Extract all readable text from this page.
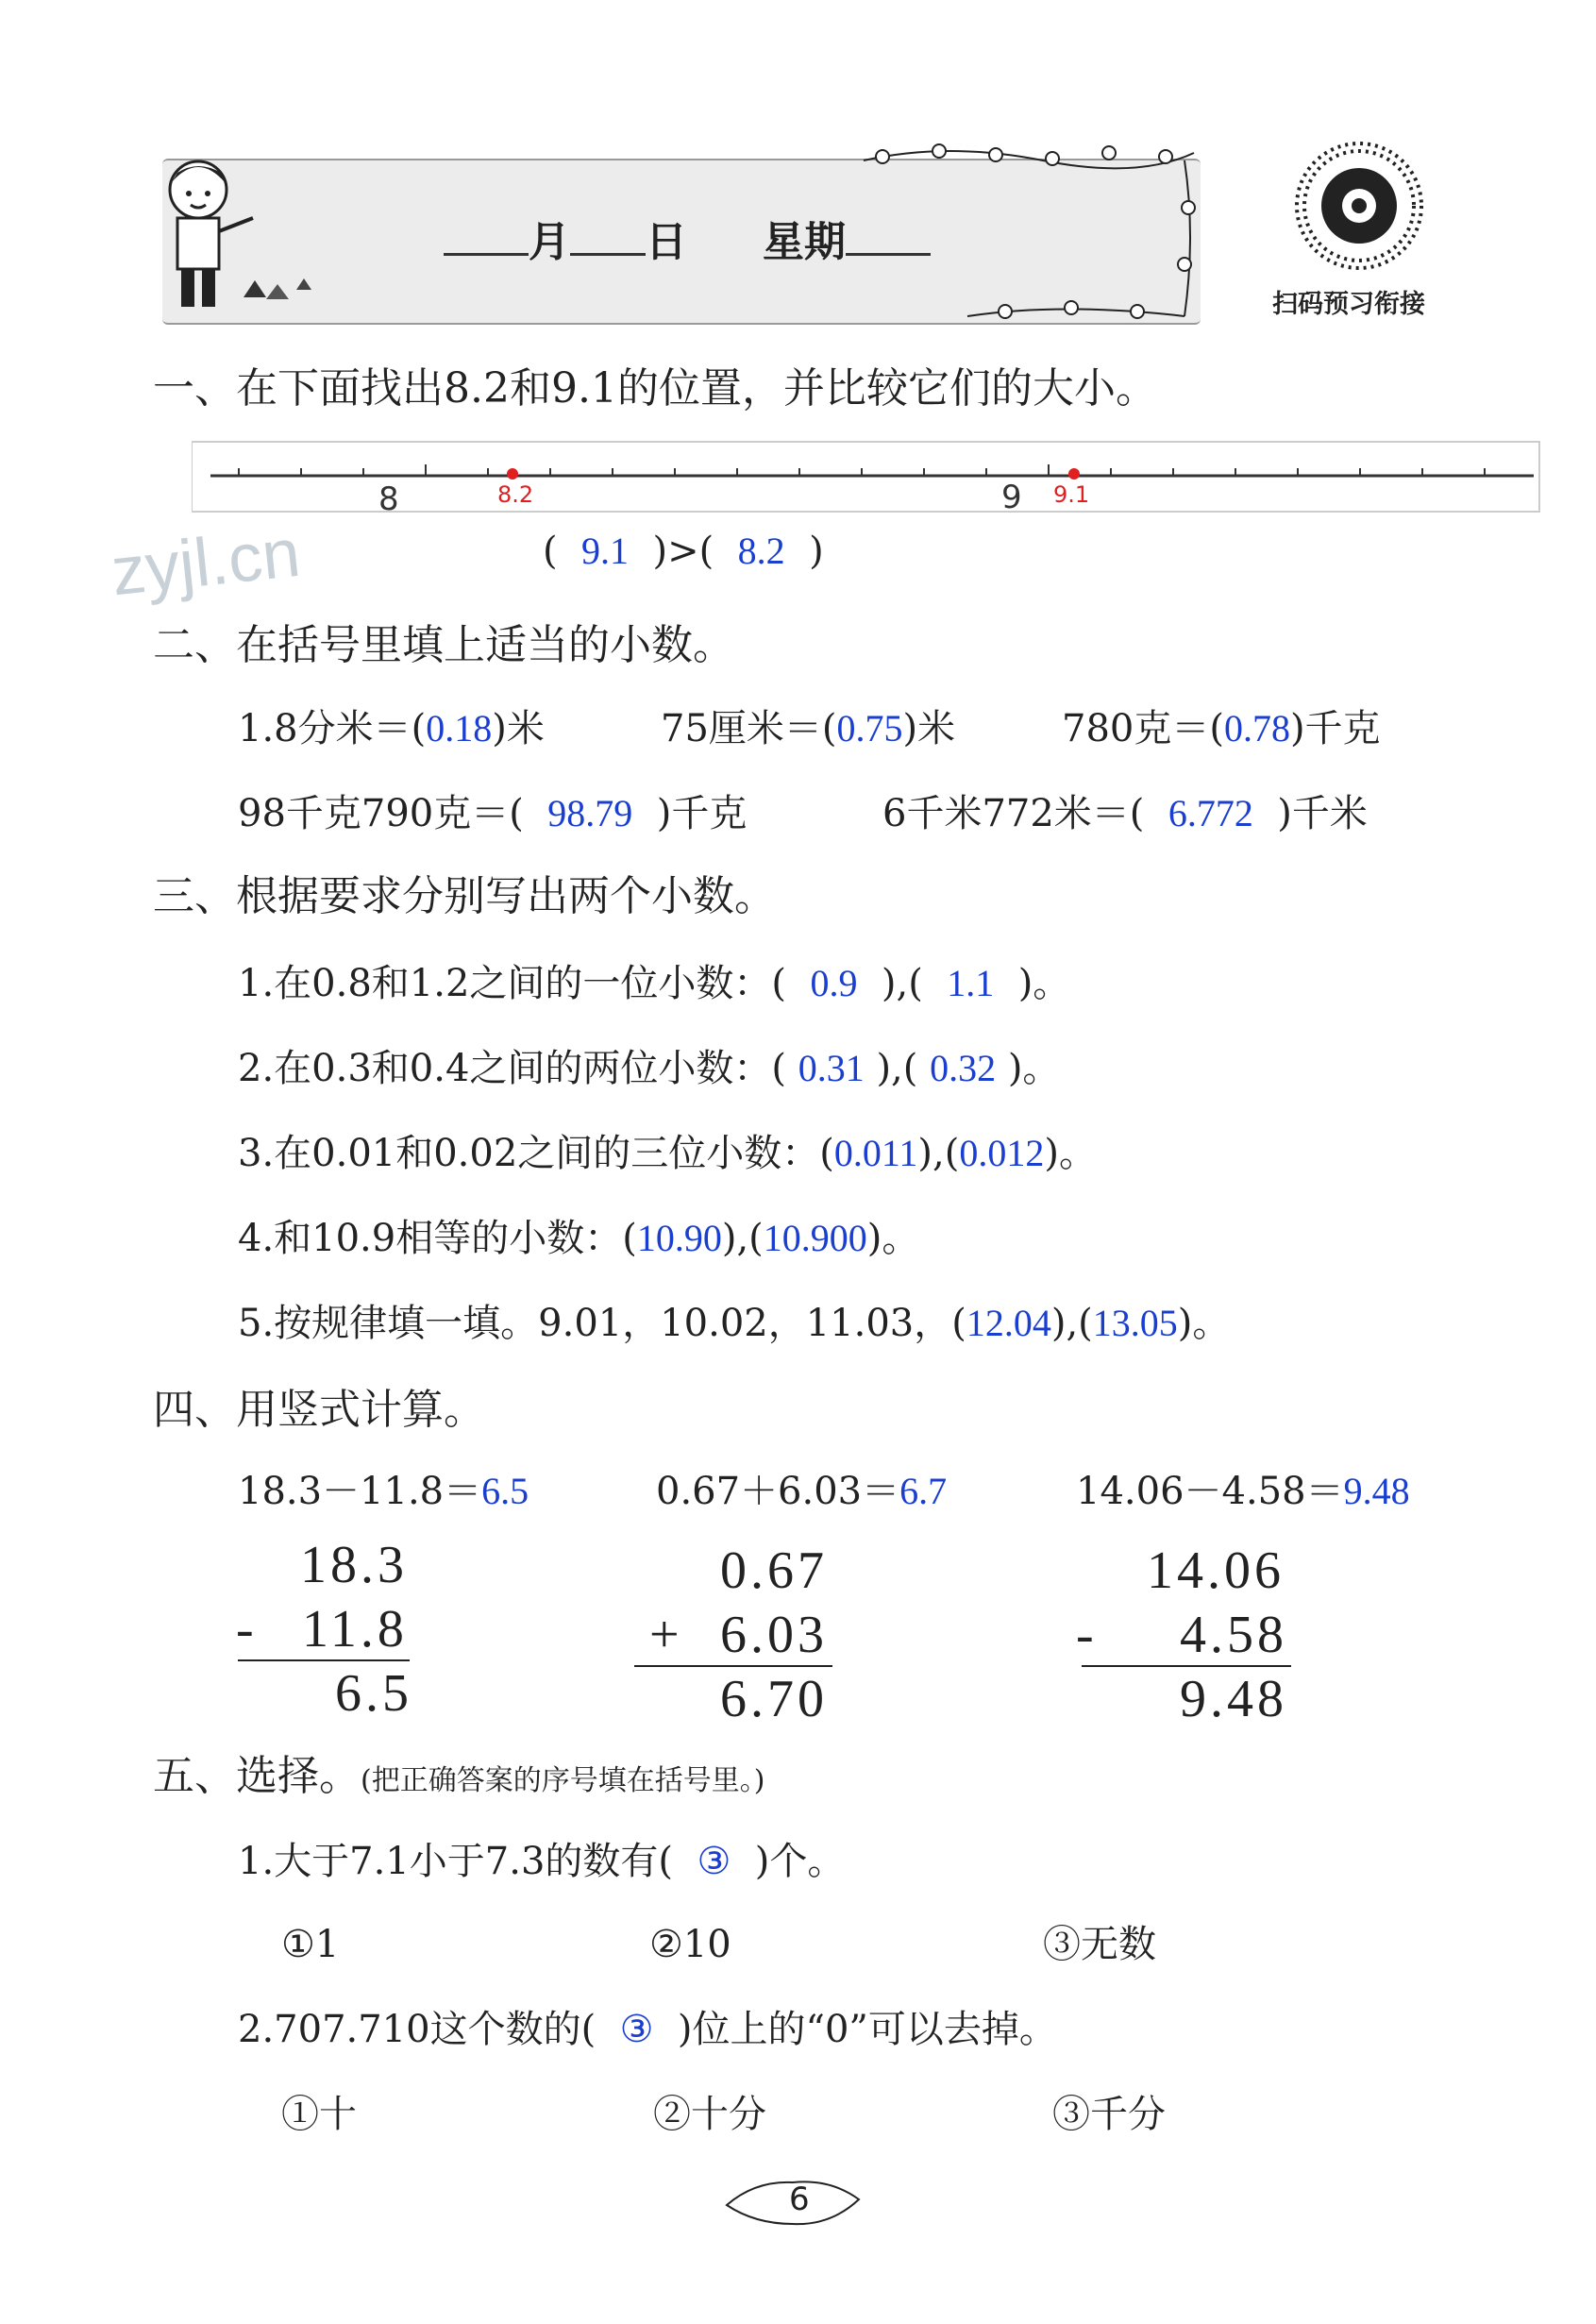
月 日 星期
扫码预习衔接
zyjl.cn
一、在下面找出8.2和9.1的位置，并比较它们的大小。
8	9
8.2	9.1
( 9.1 )>( 8.2 )
二、在括号里填上适当的小数。
1.8分米＝(0.18)米	75厘米＝(0.75)米	780克＝(0.78)千克
98千克790克＝( 98.79 )千克	6千米772米＝( 6.772 )千米
三、根据要求分别写出两个小数。
1.在0.8和1.2之间的一位小数：( 0.9 ),( 1.1 )。
2.在0.3和0.4之间的两位小数：( 0.31 ),( 0.32 )。
3.在0.01和0.02之间的三位小数：(0.011),(0.012)。
4.和10.9相等的小数：(10.90),(10.900)。
5.按规律填一填。9.01，10.02，11.03，(12.04),(13.05)。
四、用竖式计算。
18.3－11.8＝6.5	0.67＋6.03＝6.7	14.06－4.58＝9.48
18.3
- 11.8
6.5
0.67
+ 6.03
6.70
14.06
- 4.58
9.48
五、选择。(把正确答案的序号填在括号里。)
1.大于7.1小于7.3的数有( ③ )个。
①1	②10	③无数
2.707.710这个数的( ③ )位上的“0”可以去掉。
①十	②十分	③千分
6
